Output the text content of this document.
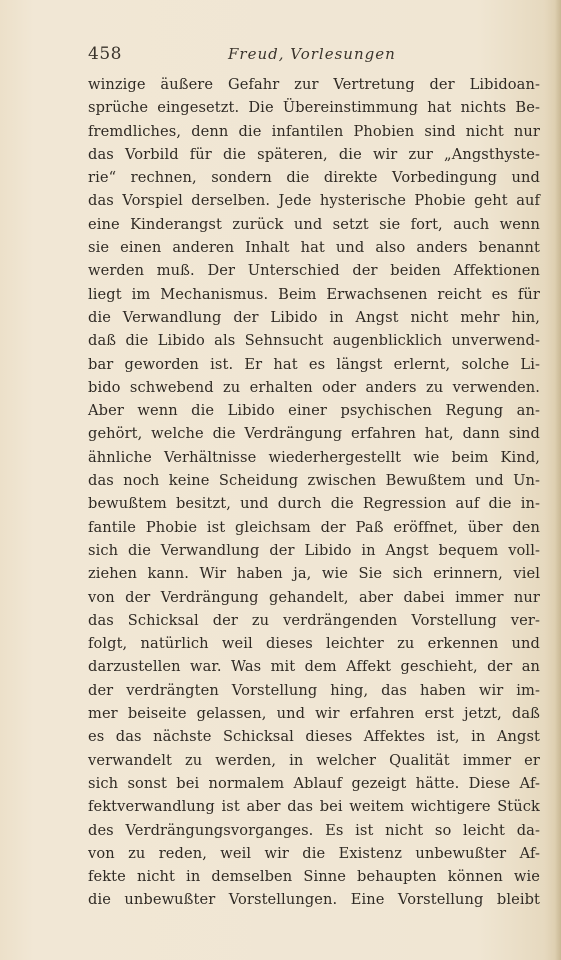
458	Freud, Vorlesungen
winzige äußere Gefahr zur Vertretung der Libidoan-
sprüche eingesetzt. Die Übereinstimmung hat nichts Be-
fremdliches, denn die infantilen Phobien sind nicht nur
das Vorbild für die späteren, die wir zur „Angsthyste-
rie“ rechnen, sondern die direkte Vorbedingung und
das Vorspiel derselben. Jede hysterische Phobie geht auf
eine Kinderangst zurück und setzt sie fort, auch wenn
sie einen anderen Inhalt hat und also anders benannt
werden muß. Der Unterschied der beiden Affektionen
liegt im Mechanismus. Beim Erwachsenen reicht es für
die Verwandlung der Libido in Angst nicht mehr hin,
daß die Libido als Sehnsucht augenblicklich unverwend-
bar geworden ist. Er hat es längst erlernt, solche Li-
bido schwebend zu erhalten oder anders zu verwenden.
Aber wenn die Libido einer psychischen Regung an-
gehört, welche die Verdrängung erfahren hat, dann sind
ähnliche Verhältnisse wiederhergestellt wie beim Kind,
das noch keine Scheidung zwischen Bewußtem und Un-
bewußtem besitzt, und durch die Regression auf die in-
fantile Phobie ist gleichsam der Paß eröffnet, über den
sich die Verwandlung der Libido in Angst bequem voll-
ziehen kann. Wir haben ja, wie Sie sich erinnern, viel
von der Verdrängung gehandelt, aber dabei immer nur
das Schicksal der zu verdrängenden Vorstellung ver-
folgt, natürlich weil dieses leichter zu erkennen und
darzustellen war. Was mit dem Affekt geschieht, der an
der verdrängten Vorstellung hing, das haben wir im-
mer beiseite gelassen, und wir erfahren erst jetzt, daß
es das nächste Schicksal dieses Affektes ist, in Angst
verwandelt zu werden, in welcher Qualität immer er
sich sonst bei normalem Ablauf gezeigt hätte. Diese Af-
fektverwandlung ist aber das bei weitem wichtigere Stück
des Verdrängungsvorganges. Es ist nicht so leicht da-
von zu reden, weil wir die Existenz unbewußter Af-
fekte nicht in demselben Sinne behaupten können wie
die unbewußter Vorstellungen. Eine Vorstellung bleibt
